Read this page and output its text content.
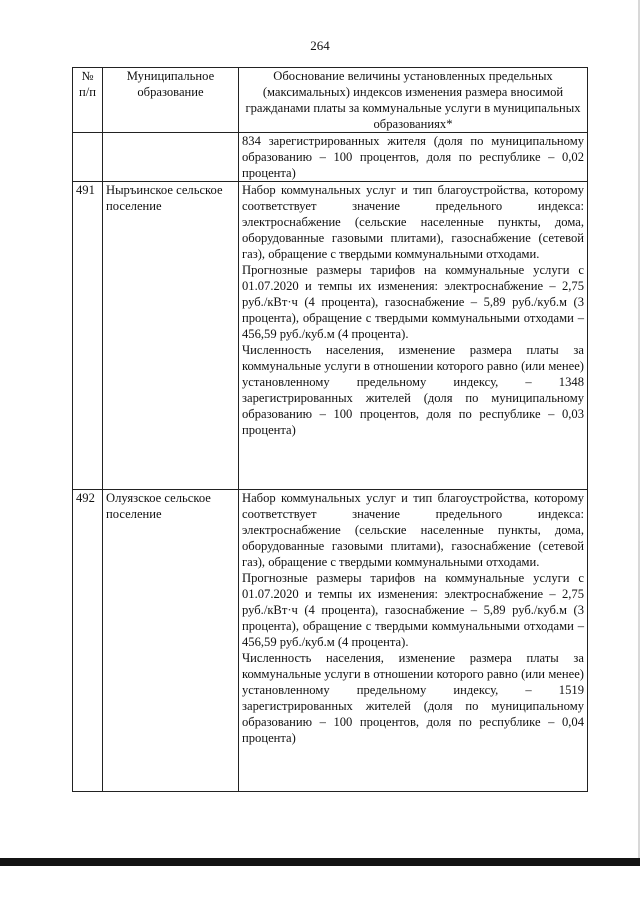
264
№ п/п	Муниципальное образование	Обоснование величины установленных предельных (максимальных) индексов изменения размера вносимой гражданами платы за коммунальные услуги в муниципальных образованиях*

		834 зарегистрированных жителя (доля по муниципальному образованию – 100 процентов, доля по республике – 0,02 процента)

491	Ныръинское сельское поселение	Набор коммунальных услуг и тип благоустройства, которому соответствует значение предельного индекса: электроснабжение (сельские населенные пункты, дома, оборудованные газовыми плитами), газоснабжение (сетевой газ), обращение с твердыми коммунальными отходами.

Прогнозные размеры тарифов на коммунальные услуги с 01.07.2020 и темпы их изменения: электроснабжение – 2,75 руб./кВт·ч (4 процента), газоснабжение – 5,89 руб./куб.м (3 процента), обращение с твердыми коммунальными отходами – 456,59 руб./куб.м (4 процента).

Численность населения, изменение размера платы за коммунальные услуги в отношении которого равно (или менее) установленному предельному индексу, – 1348 зарегистрированных жителей (доля по муниципальному образованию – 100 процентов, доля по республике – 0,03 процента)

492	Олуязское сельское поселение	Набор коммунальных услуг и тип благоустройства, которому соответствует значение предельного индекса: электроснабжение (сельские населенные пункты, дома, оборудованные газовыми плитами), газоснабжение (сетевой газ), обращение с твердыми коммунальными отходами.

Прогнозные размеры тарифов на коммунальные услуги с 01.07.2020 и темпы их изменения: электроснабжение – 2,75 руб./кВт·ч (4 процента), газоснабжение – 5,89 руб./куб.м (3 процента), обращение с твердыми коммунальными отходами – 456,59 руб./куб.м (4 процента).

Численность населения, изменение размера платы за коммунальные услуги в отношении которого равно (или менее) установленному предельному индексу, – 1519 зарегистрированных жителей (доля по муниципальному образованию – 100 процентов, доля по республике – 0,04 процента)
